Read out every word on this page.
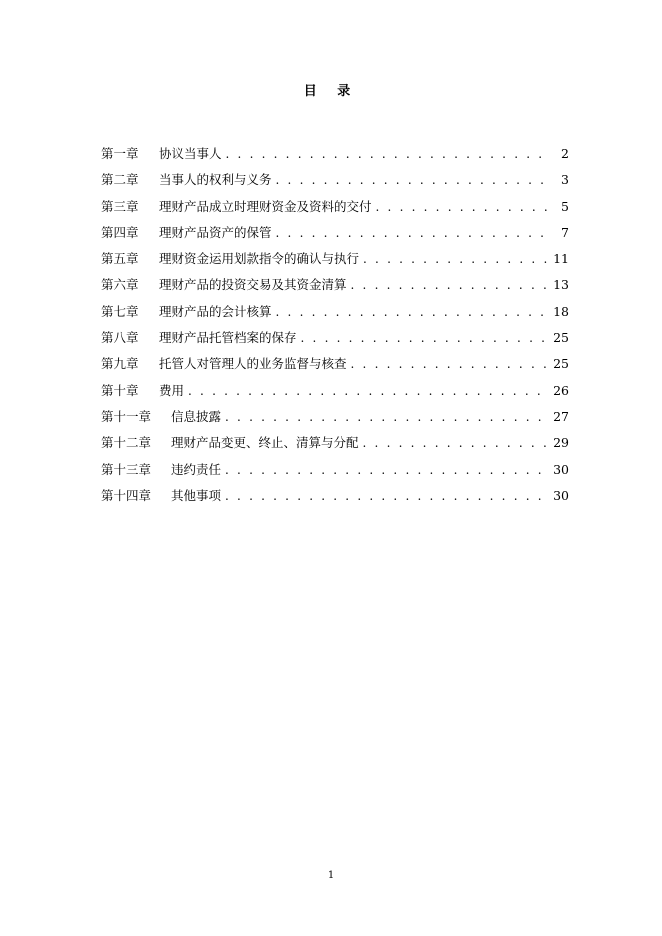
目 录
第一章	协议当事人 . . .	2
第二章	当事人的权利与义务 . . .	3
第三章	理财产品成立时理财资金及资料的交付 . . .	5
第四章	理财产品资产的保管 . . .	7
第五章	理财资金运用划款指令的确认与执行 . . .	11
第六章	理财产品的投资交易及其资金清算 . . .	13
第七章	理财产品的会计核算 . . .	18
第八章	理财产品托管档案的保存 . . .	25
第九章	托管人对管理人的业务监督与核查 . . .	25
第十章	费用 . . .	26
第十一章	信息披露 . . .	27
第十二章	理财产品变更、终止、清算与分配 . . .	29
第十三章	违约责任 . . .	30
第十四章	其他事项 . . .	30
1
